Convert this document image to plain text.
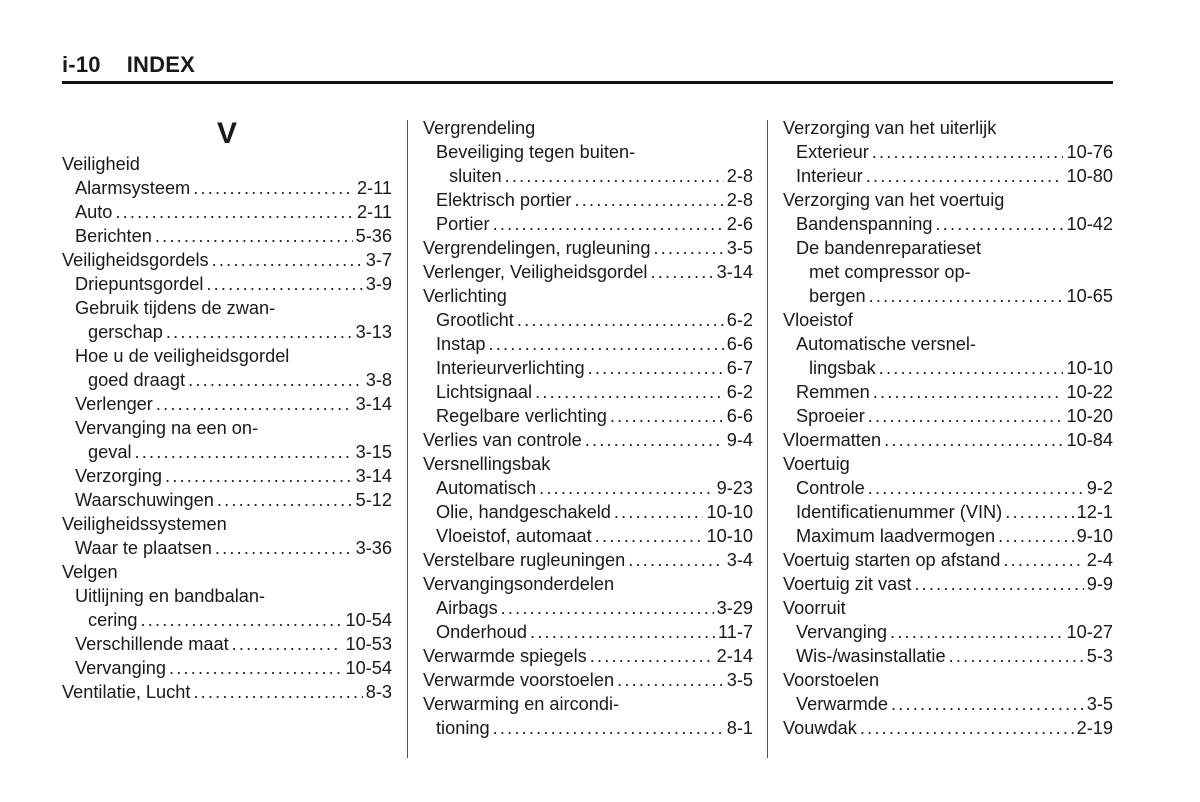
i-10 INDEX
V
Veiligheid
Alarmsysteem .....	2-11
Auto .....	2-11
Berichten .....	5-36
Veiligheidsgordels .....	3-7
Driepuntsgordel .....	3-9
Gebruik tijdens de zwan-
gerschap .....	3-13
Hoe u de veiligheidsgordel
goed draagt .....	3-8
Verlenger .....	3-14
Vervanging na een on-
geval .....	3-15
Verzorging .....	3-14
Waarschuwingen .....	5-12
Veiligheidssystemen
Waar te plaatsen .....	3-36
Velgen
Uitlijning en bandbalan-
cering .....	10-54
Verschillende maat .....	10-53
Vervanging .....	10-54
Ventilatie, Lucht .....	8-3
Vergrendeling
Beveiliging tegen buiten-
sluiten .....	2-8
Elektrisch portier .....	2-8
Portier .....	2-6
Vergrendelingen, rugleuning .....	3-5
Verlenger, Veiligheidsgordel .....	3-14
Verlichting
Grootlicht .....	6-2
Instap .....	6-6
Interieurverlichting .....	6-7
Lichtsignaal .....	6-2
Regelbare verlichting .....	6-6
Verlies van controle .....	9-4
Versnellingsbak
Automatisch .....	9-23
Olie, handgeschakeld .....	10-10
Vloeistof, automaat .....	10-10
Verstelbare rugleuningen .....	3-4
Vervangingsonderdelen
Airbags .....	3-29
Onderhoud .....	11-7
Verwarmde spiegels .....	2-14
Verwarmde voorstoelen .....	3-5
Verwarming en aircondi-
tioning .....	8-1
Verzorging van het uiterlijk
Exterieur .....	10-76
Interieur .....	10-80
Verzorging van het voertuig
Bandenspanning .....	10-42
De bandenreparatieset
met compressor op-
bergen .....	10-65
Vloeistof
Automatische versnel-
lingsbak .....	10-10
Remmen .....	10-22
Sproeier .....	10-20
Vloermatten .....	10-84
Voertuig
Controle .....	9-2
Identificatienummer (VIN) .....	12-1
Maximum laadvermogen .....	9-10
Voertuig starten op afstand .....	2-4
Voertuig zit vast .....	9-9
Voorruit
Vervanging .....	10-27
Wis-/wasinstallatie .....	5-3
Voorstoelen
Verwarmde .....	3-5
Vouwdak .....	2-19
